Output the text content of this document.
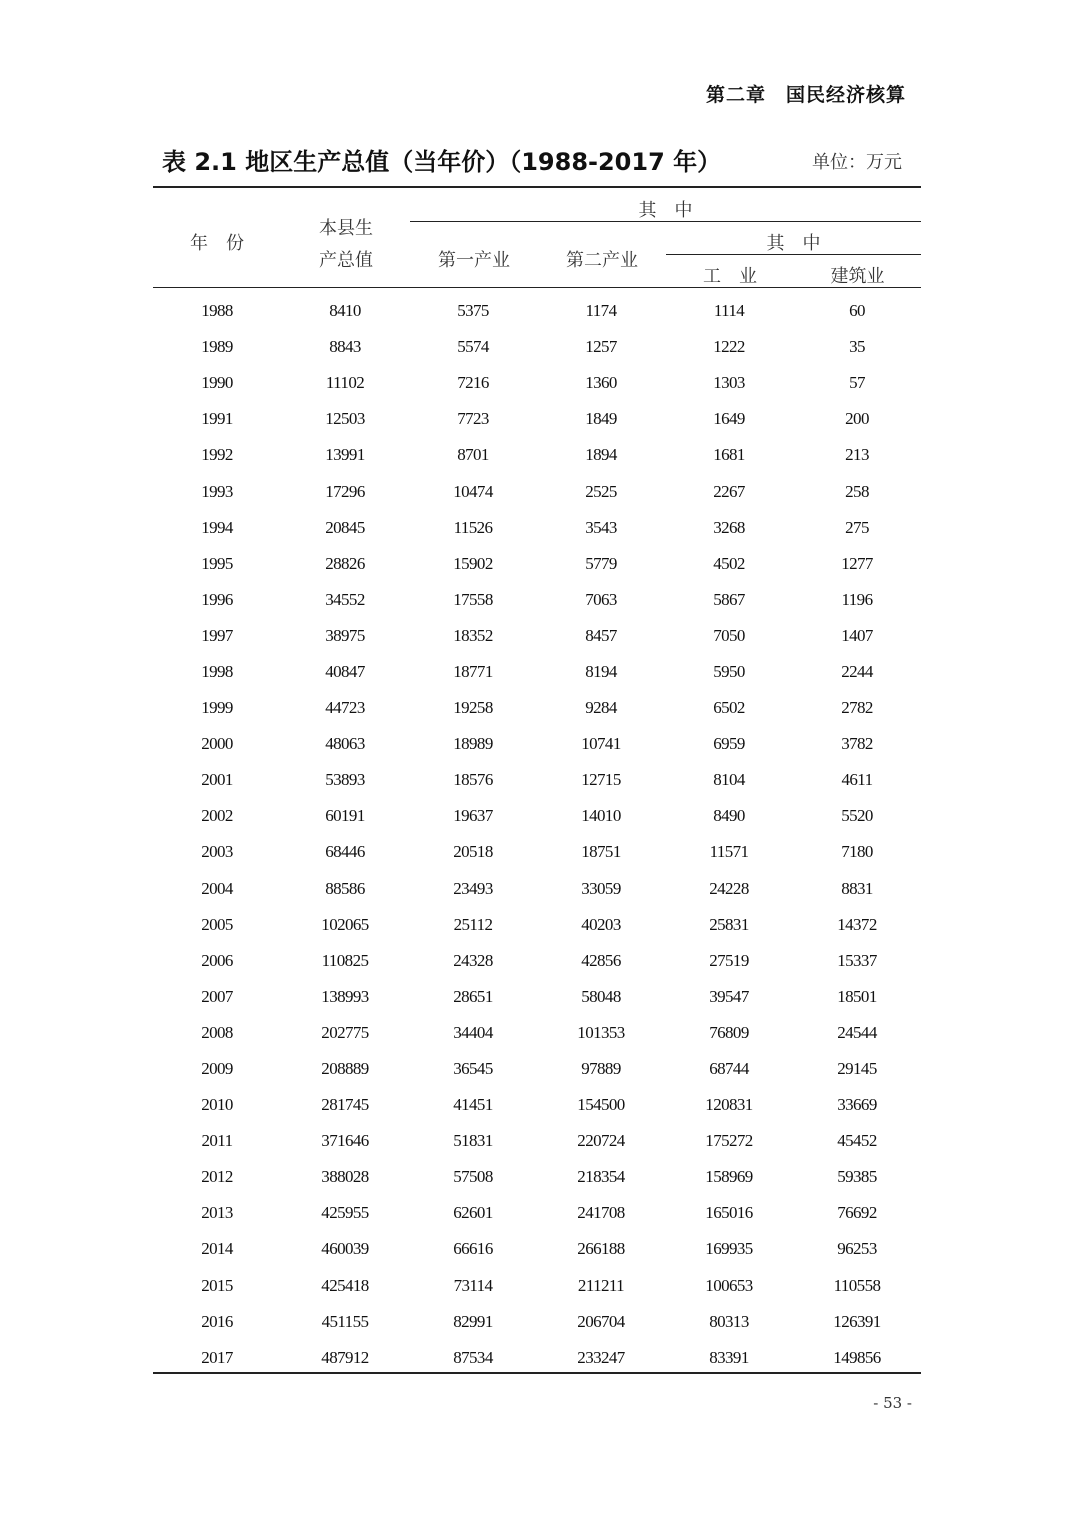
第二章　国民经济核算
表 2.1 地区生产总值（当年价）（1988-2017 年）	单位：万元
年　份
本县生
产总值
其　中
第一产业	第二产业
其　中
工　业	建筑业
1988	8410	5375	1174	1114	60
1989	8843	5574	1257	1222	35
1990	11102	7216	1360	1303	57
1991	12503	7723	1849	1649	200
1992	13991	8701	1894	1681	213
1993	17296	10474	2525	2267	258
1994	20845	11526	3543	3268	275
1995	28826	15902	5779	4502	1277
1996	34552	17558	7063	5867	1196
1997	38975	18352	8457	7050	1407
1998	40847	18771	8194	5950	2244
1999	44723	19258	9284	6502	2782
2000	48063	18989	10741	6959	3782
2001	53893	18576	12715	8104	4611
2002	60191	19637	14010	8490	5520
2003	68446	20518	18751	11571	7180
2004	88586	23493	33059	24228	8831
2005	102065	25112	40203	25831	14372
2006	110825	24328	42856	27519	15337
2007	138993	28651	58048	39547	18501
2008	202775	34404	101353	76809	24544
2009	208889	36545	97889	68744	29145
2010	281745	41451	154500	120831	33669
2011	371646	51831	220724	175272	45452
2012	388028	57508	218354	158969	59385
2013	425955	62601	241708	165016	76692
2014	460039	66616	266188	169935	96253
2015	425418	73114	211211	100653	110558
2016	451155	82991	206704	80313	126391
2017	487912	87534	233247	83391	149856
- 53 -
